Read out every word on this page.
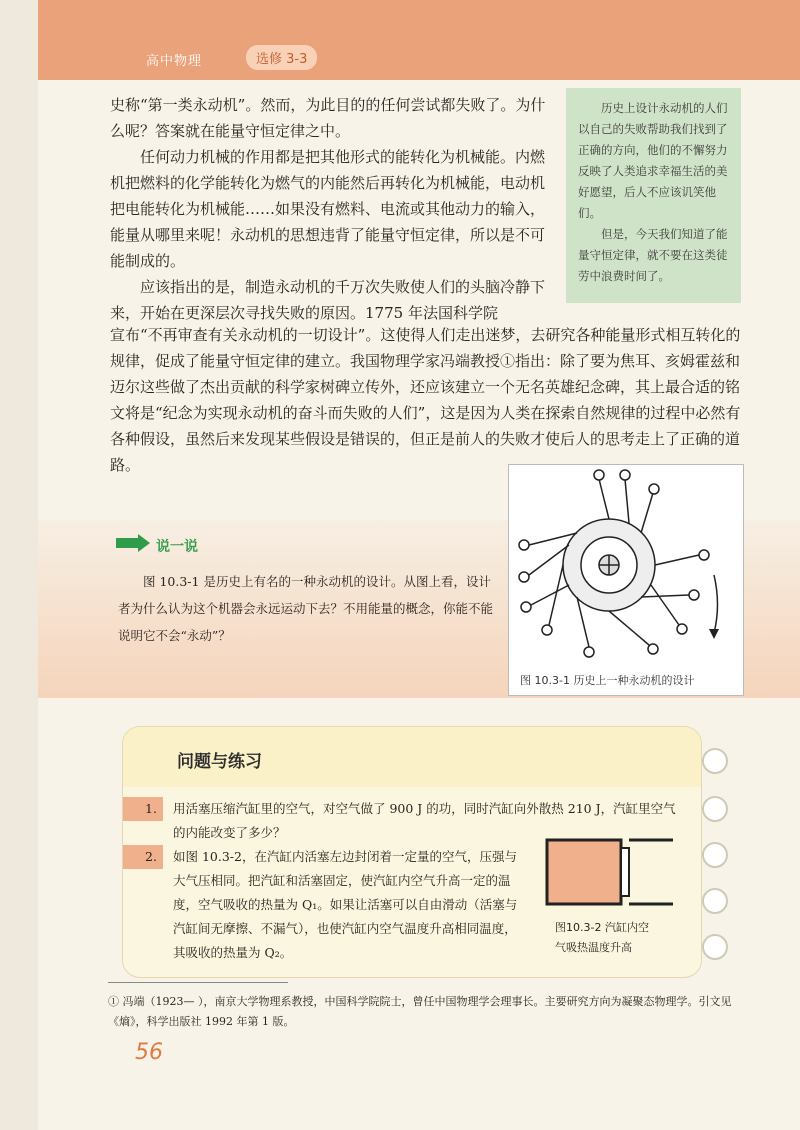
高中物理	选修 3-3

史称“第一类永动机”。然而，为此目的的任何尝试都失败了。为什么呢？答案就在能量守恒定律之中。

任何动力机械的作用都是把其他形式的能转化为机械能。内燃机把燃料的化学能转化为燃气的内能然后再转化为机械能，电动机把电能转化为机械能……如果没有燃料、电流或其他动力的输入，能量从哪里来呢！永动机的思想违背了能量守恒定律，所以是不可能制成的。

应该指出的是，制造永动机的千万次失败使人们的头脑冷静下来，开始在更深层次寻找失败的原因。1775 年法国科学院

宣布“不再审查有关永动机的一切设计”。这使得人们走出迷梦，去研究各种能量形式相互转化的规律，促成了能量守恒定律的建立。我国物理学家冯端教授①指出：除了要为焦耳、亥姆霍兹和迈尔这些做了杰出贡献的科学家树碑立传外，还应该建立一个无名英雄纪念碑，其上最合适的铭文将是“纪念为实现永动机的奋斗而失败的人们”，这是因为人类在探索自然规律的过程中必然有各种假设，虽然后来发现某些假设是错误的，但正是前人的失败才使后人的思考走上了正确的道路。

历史上设计永动机的人们以自己的失败帮助我们找到了正确的方向，他们的不懈努力反映了人类追求幸福生活的美好愿望，后人不应该讥笑他们。

但是，今天我们知道了能量守恒定律，就不要在这类徒劳中浪费时间了。

说一说
图 10.3-1 是历史上有名的一种永动机的设计。从图上看，设计者为什么认为这个机器会永远运动下去？不用能量的概念，你能不能说明它不会“永动”？
图 10.3-1 历史上一种永动机的设计
问题与练习
1.	用活塞压缩汽缸里的空气，对空气做了 900 J 的功，同时汽缸向外散热 210 J，汽缸里空气的内能改变了多少？
2.	如图 10.3-2，在汽缸内活塞左边封闭着一定量的空气，压强与大气压相同。把汽缸和活塞固定，使汽缸内空气升高一定的温度，空气吸收的热量为 Q₁。如果让活塞可以自由滑动（活塞与汽缸间无摩擦、不漏气），也使汽缸内空气温度升高相同温度，其吸收的热量为 Q₂。
图10.3-2 汽缸内空
气吸热温度升高
① 冯端（1923— ），南京大学物理系教授，中国科学院院士，曾任中国物理学会理事长。主要研究方向为凝聚态物理学。引文见《熵》，科学出版社 1992 年第 1 版。
56
